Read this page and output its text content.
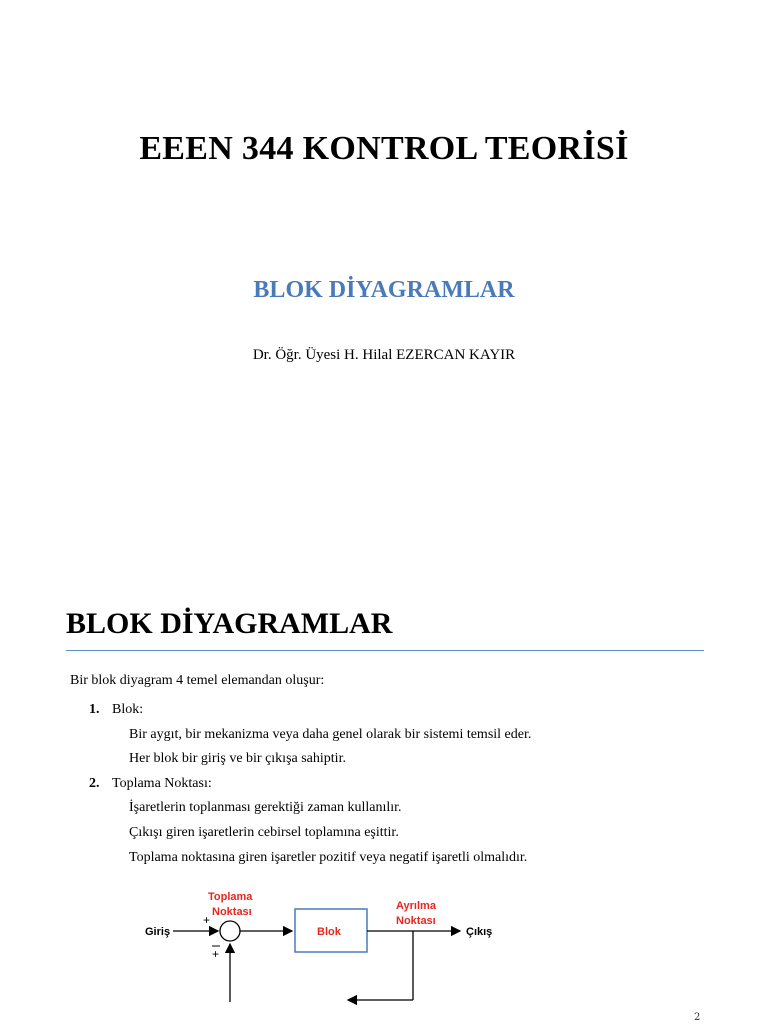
EEEN 344 KONTROL TEORİSİ
BLOK DİYAGRAMLAR
Dr. Öğr. Üyesi H. Hilal EZERCAN KAYIR
BLOK DİYAGRAMLAR
Bir blok diyagram 4 temel elemandan oluşur:
1. Blok:
Bir aygıt, bir mekanizma veya daha genel olarak bir sistemi temsil eder.
Her blok bir giriş ve bir çıkışa sahiptir.
2. Toplama Noktası:
İşaretlerin toplanması gerektiği zaman kullanılır.
Çıkışı giren işaretlerin cebirsel toplamına eşittir.
Toplama noktasına giren işaretler pozitif veya negatif işaretli olmalıdır.
Giriş
Toplama
Noktası
+
+
Blok
Ayrılma
Noktası
Çıkış
2
